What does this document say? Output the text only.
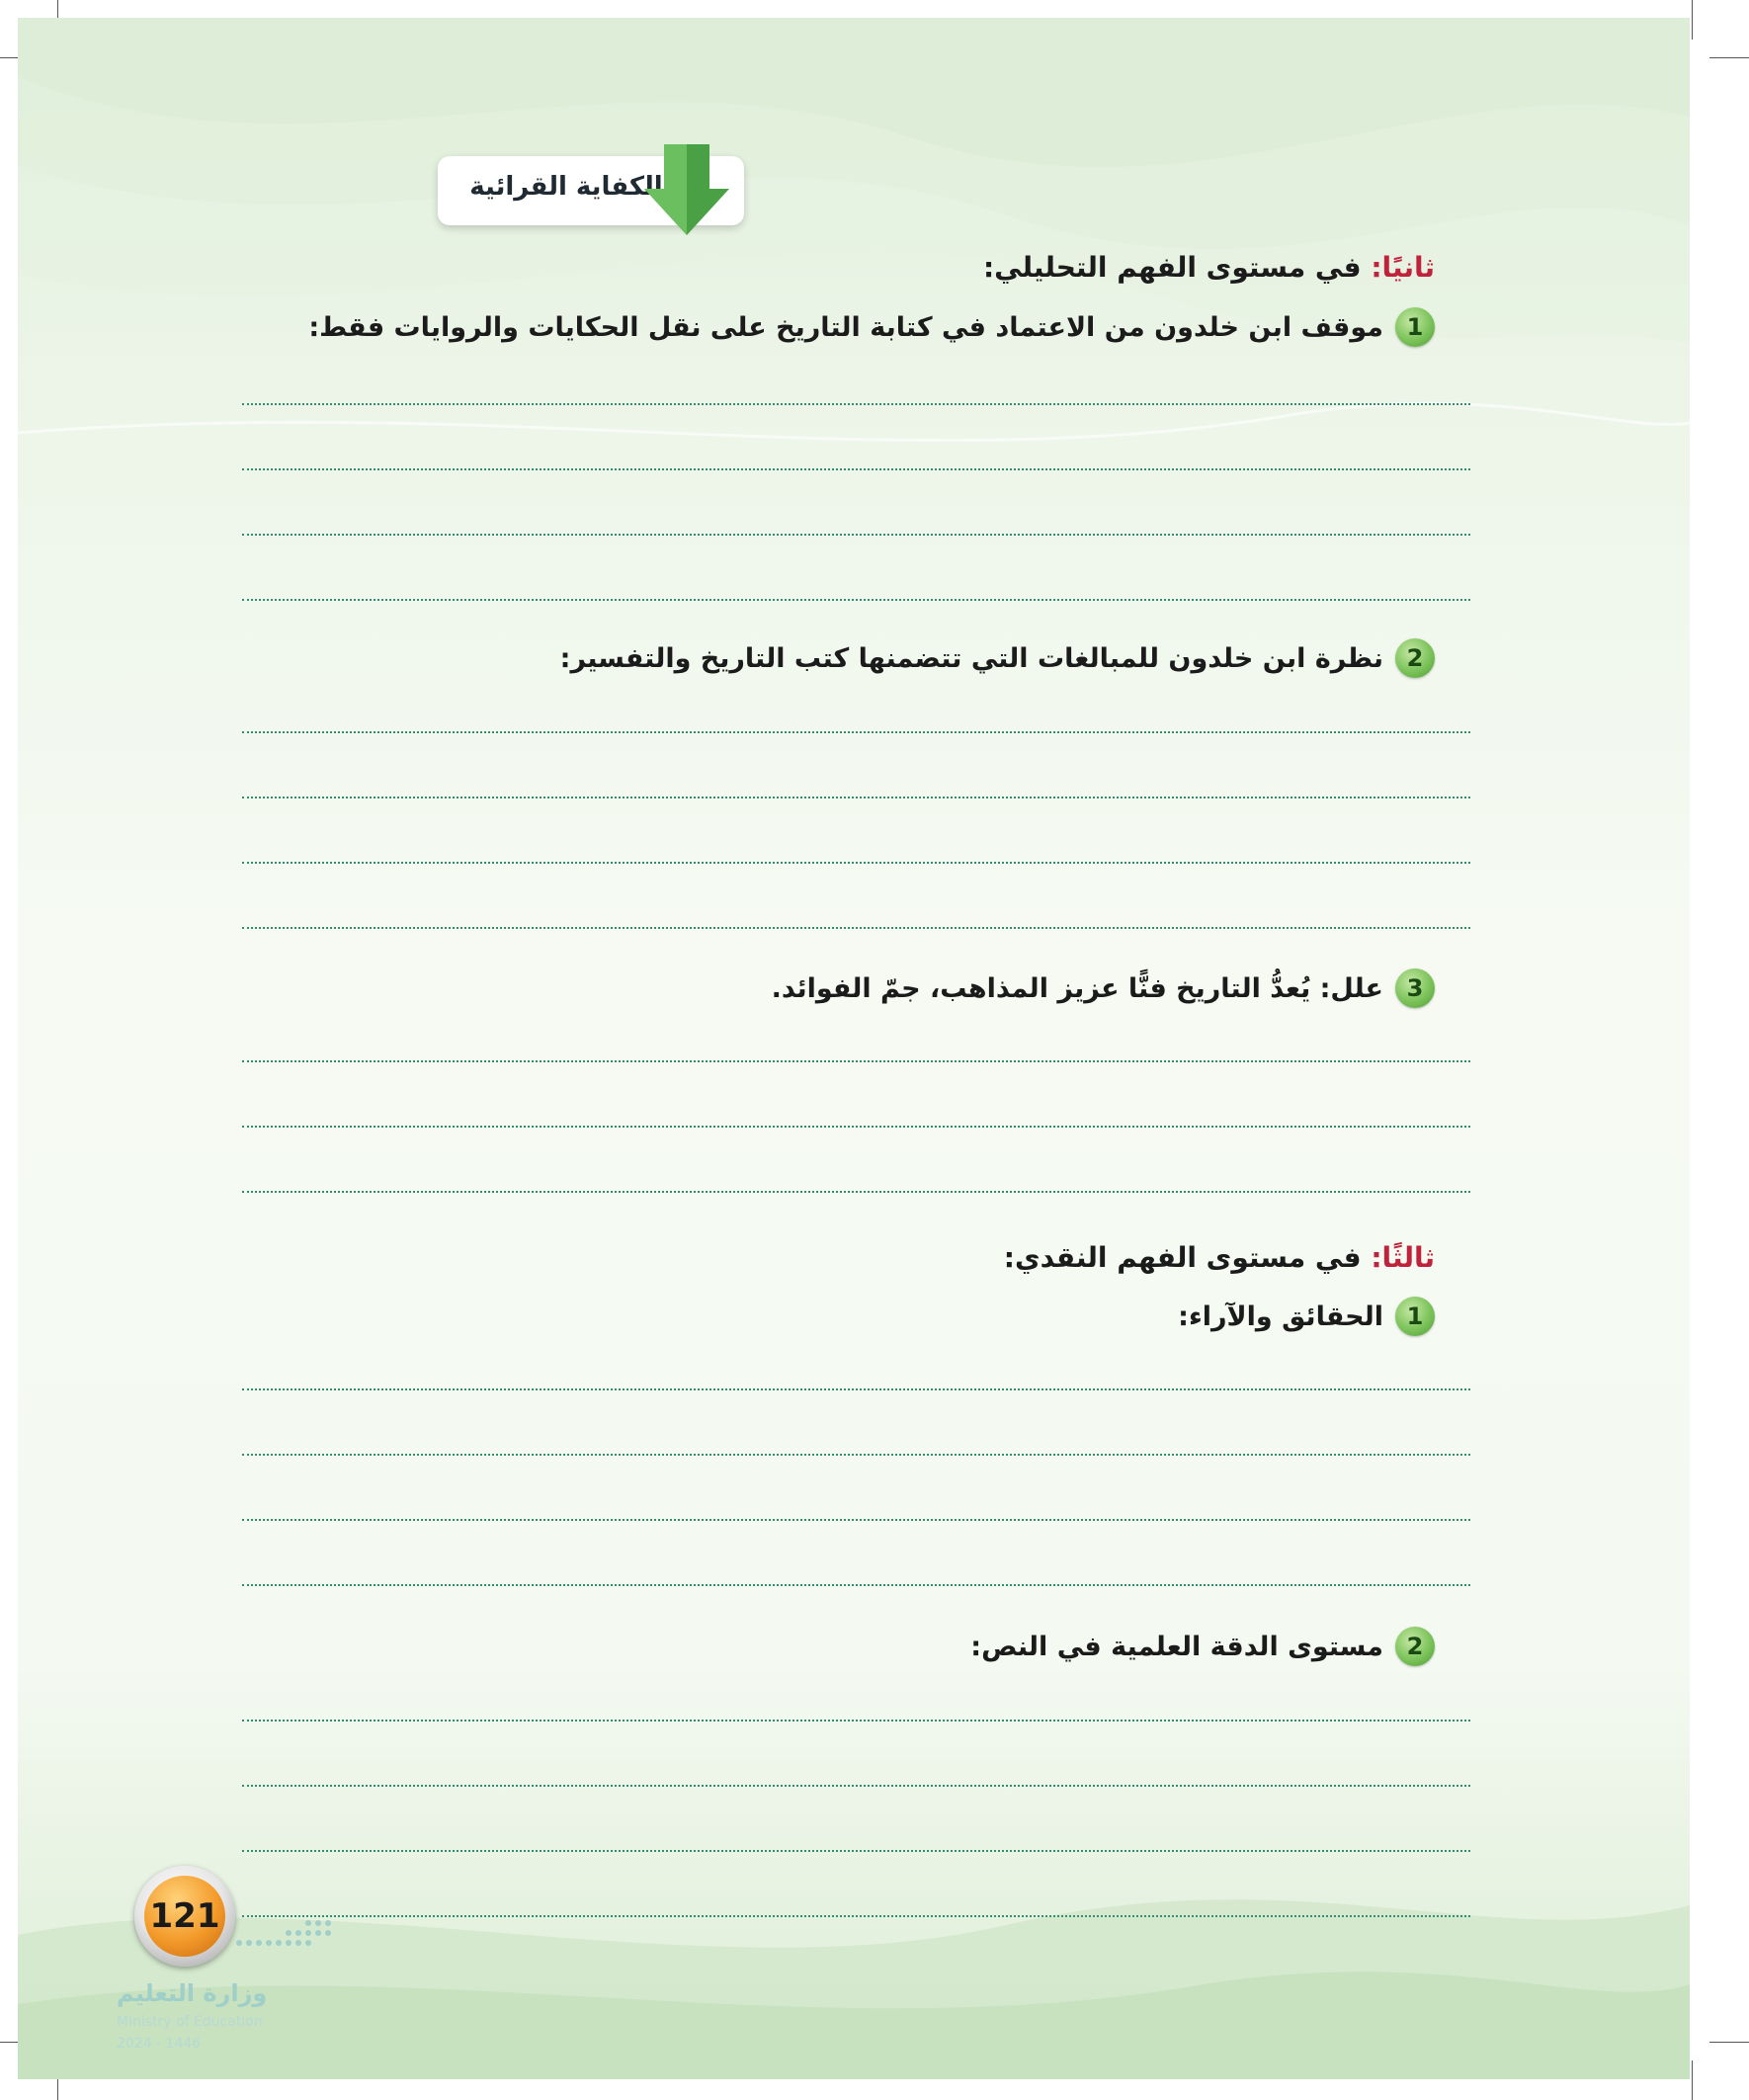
الكفاية القرائية
ثانيًا: في مستوى الفهم التحليلي:
1
موقف ابن خلدون من الاعتماد في كتابة التاريخ على نقل الحكايات والروايات فقط:
2
نظرة ابن خلدون للمبالغات التي تتضمنها كتب التاريخ والتفسير:
3
علل: يُعدُّ التاريخ فنًّا عزيز المذاهب، جمّ الفوائد.
ثالثًا: في مستوى الفهم النقدي:
1
الحقائق والآراء:
2
مستوى الدقة العلمية في النص:
121
وزارة التعليم
Ministry of Education
2024 - 1446
